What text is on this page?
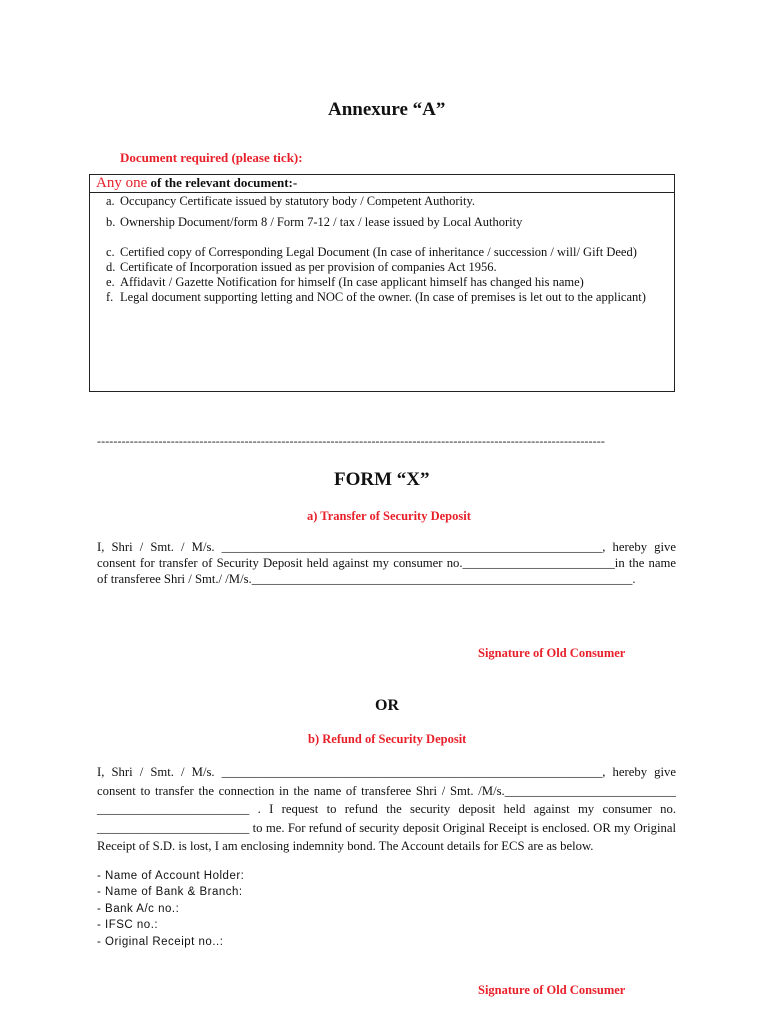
Annexure “A”
Document required (please tick):
Any one of the relevant document:-
a. Occupancy Certificate issued by statutory body / Competent Authority.
b. Ownership Document/form 8 / Form 7-12 / tax / lease issued by Local Authority
c. Certified copy of Corresponding Legal Document (In case of inheritance / succession / will/ Gift Deed)
d. Certificate of Incorporation issued as per provision of companies Act 1956.
e. Affidavit / Gazette Notification for himself (In case applicant himself has changed his name)
f. Legal document supporting letting and NOC of the owner. (In case of premises is let out to the applicant)
----------------------------------------------------------------------------------------------------------------------------
FORM “X”
a) Transfer of Security Deposit
I, Shri / Smt. / M/s. ____________________________________________________________, hereby give consent for transfer of Security Deposit held against my consumer no.________________________in the name of transferee Shri / Smt./ /M/s.____________________________________________________________.
Signature of Old Consumer
OR
b) Refund of Security Deposit
I, Shri / Smt. / M/s. ____________________________________________________________, hereby give consent to transfer the connection in the name of transferee Shri / Smt. /M/s.___________________________ ________________________ . I request to refund the security deposit held against my consumer no. ________________________ to me. For refund of security deposit Original Receipt is enclosed. OR my Original Receipt of S.D. is lost, I am enclosing indemnity bond. The Account details for ECS are as below.
- Name of Account Holder:
- Name of Bank & Branch:
- Bank A/c no.:
- IFSC no.:
- Original Receipt no..:
Signature of Old Consumer
